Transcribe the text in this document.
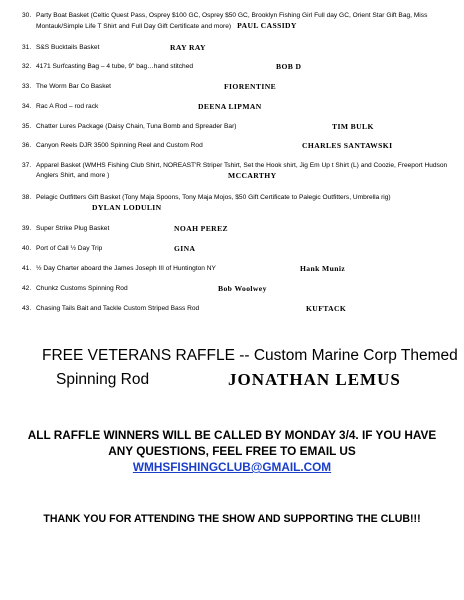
30. Party Boat Basket (Celtic Quest Pass, Osprey $100 GC, Osprey $50 GC, Brooklyn Fishing Girl Full day GC, Orient Star Gift Bag, Miss Montauk/Simple Life T Shirt and Full Day Gift Certificate and more) PAUL CASSIDY
31. S&S Bucktails Basket	RAY RAY
32. 4171 Surfcasting Bag – 4 tube, 9" bag…hand stitched	BOB D
33. The Worm Bar Co Basket	FIORENTINE
34. Rac A Rod – rod rack	DEENA LIPMAN
35. Chatter Lures Package (Daisy Chain, Tuna Bomb and Spreader Bar)	TIM BULK
36. Canyon Reels DJR 3500 Spinning Reel and Custom Rod	CHARLES SANTAWSKI
37. Apparel Basket (WMHS Fishing Club Shirt, NOREAST'R Striper Tshirt, Set the Hook shirt, Jig Em Up t Shirt (L) and Coozie, Freeport Hudson Anglers Shirt, and more )	MCCARTHY
38. Pelagic Outfitters Gift Basket (Tony Maja Spoons, Tony Maja Mojos, $50 Gift Certificate to Palegic Outfitters, Umbrella rig)
DYLAN LODULIN
39. Super Strike Plug Basket	NOAH PEREZ
40. Port of Call ½ Day Trip	GINA
41. ½ Day Charter aboard the James Joseph III of Huntington NY	Hank Muniz
42. Chunkz Customs Spinning Rod	Bob Woolwey
43. Chasing Tails Bait and Tackle Custom Striped Bass Rod	KUFTACK
FREE VETERANS RAFFLE -- Custom Marine Corp Themed
Spinning Rod	JONATHAN LEMUS
ALL RAFFLE WINNERS WILL BE CALLED BY MONDAY 3/4. IF YOU HAVE
ANY QUESTIONS, FEEL FREE TO EMAIL US
WMHSFISHINGCLUB@GMAIL.COM
THANK YOU FOR ATTENDING THE SHOW AND SUPPORTING THE CLUB!!!
